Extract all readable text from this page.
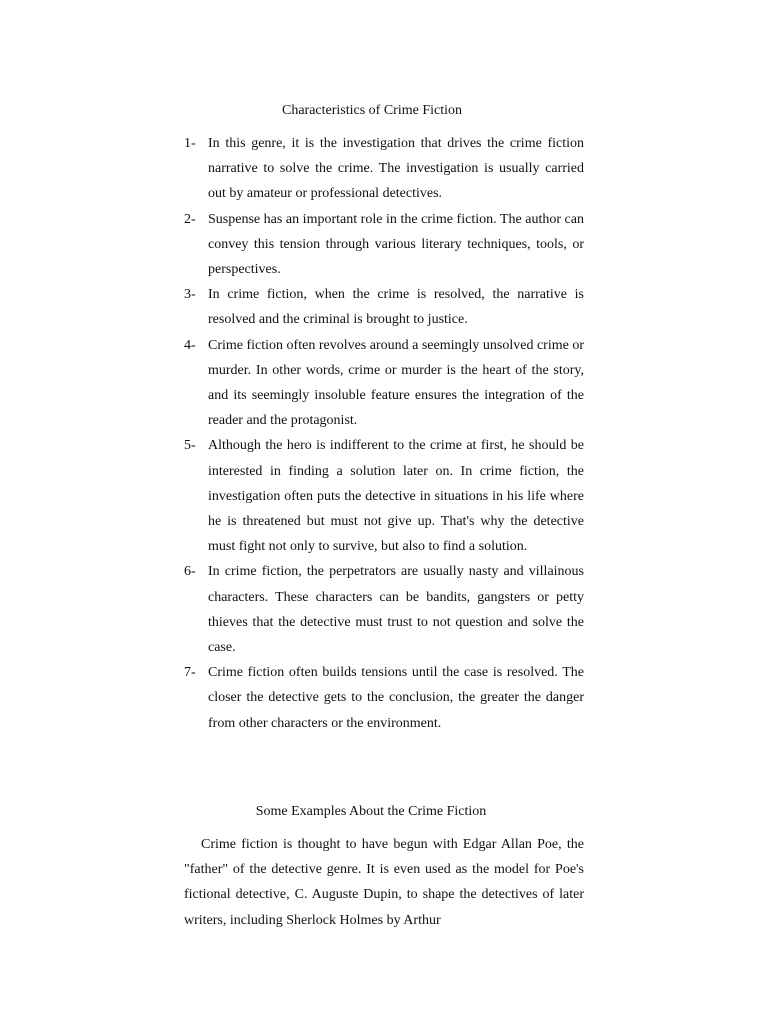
Characteristics of Crime Fiction
1- In this genre, it is the investigation that drives the crime fiction narrative to solve the crime. The investigation is usually carried out by amateur or professional detectives.
2- Suspense has an important role in the crime fiction. The author can convey this tension through various literary techniques, tools, or perspectives.
3- In crime fiction, when the crime is resolved, the narrative is resolved and the criminal is brought to justice.
4- Crime fiction often revolves around a seemingly unsolved crime or murder. In other words, crime or murder is the heart of the story, and its seemingly insoluble feature ensures the integration of the reader and the protagonist.
5- Although the hero is indifferent to the crime at first, he should be interested in finding a solution later on. In crime fiction, the investigation often puts the detective in situations in his life where he is threatened but must not give up. That's why the detective must fight not only to survive, but also to find a solution.
6- In crime fiction, the perpetrators are usually nasty and villainous characters. These characters can be bandits, gangsters or petty thieves that the detective must trust to not question and solve the case.
7- Crime fiction often builds tensions until the case is resolved. The closer the detective gets to the conclusion, the greater the danger from other characters or the environment.
Some Examples About the Crime Fiction

Crime fiction is thought to have begun with Edgar Allan Poe, the "father" of the detective genre. It is even used as the model for Poe's fictional detective, C. Auguste Dupin, to shape the detectives of later writers, including Sherlock Holmes by Arthur
